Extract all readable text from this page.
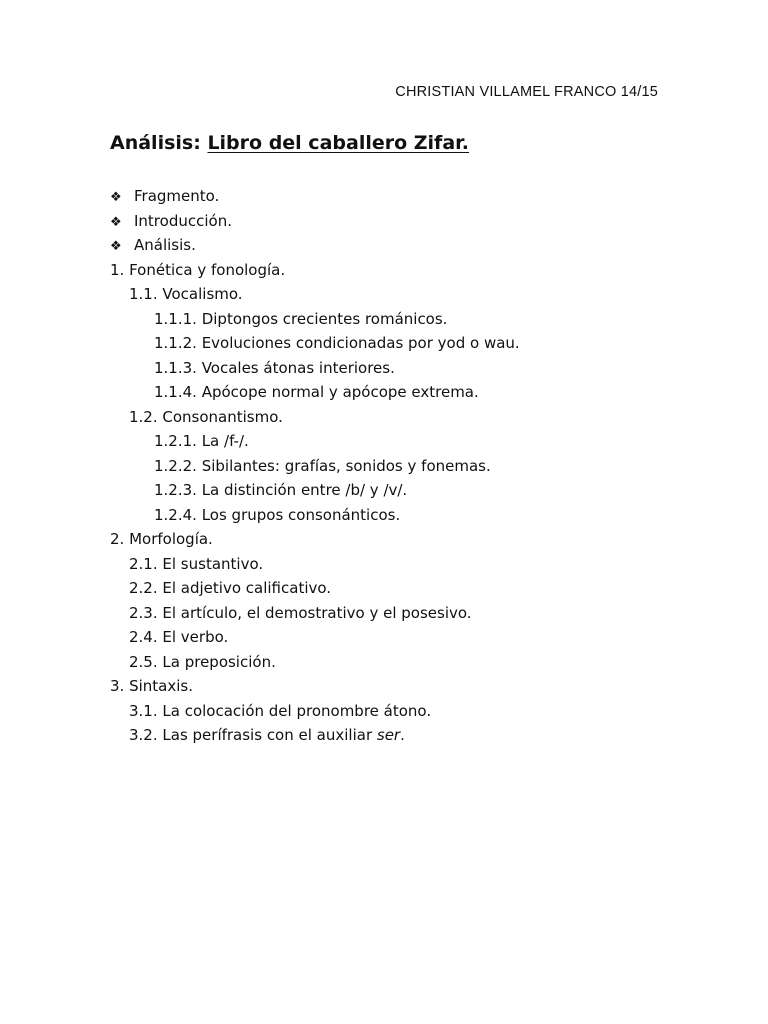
CHRISTIAN VILLAMEL FRANCO 14/15
Análisis: Libro del caballero Zifar.
❖ Fragmento.
❖ Introducción.
❖ Análisis.
1. Fonética y fonología.
1.1. Vocalismo.
1.1.1. Diptongos crecientes románicos.
1.1.2. Evoluciones condicionadas por yod o wau.
1.1.3. Vocales átonas interiores.
1.1.4. Apócope normal y apócope extrema.
1.2. Consonantismo.
1.2.1. La /f-/.
1.2.2. Sibilantes: grafías, sonidos y fonemas.
1.2.3. La distinción entre /b/ y /v/.
1.2.4. Los grupos consonánticos.
2. Morfología.
2.1. El sustantivo.
2.2. El adjetivo calificativo.
2.3. El artículo, el demostrativo y el posesivo.
2.4. El verbo.
2.5. La preposición.
3. Sintaxis.
3.1. La colocación del pronombre átono.
3.2. Las perífrasis con el auxiliar ser.
